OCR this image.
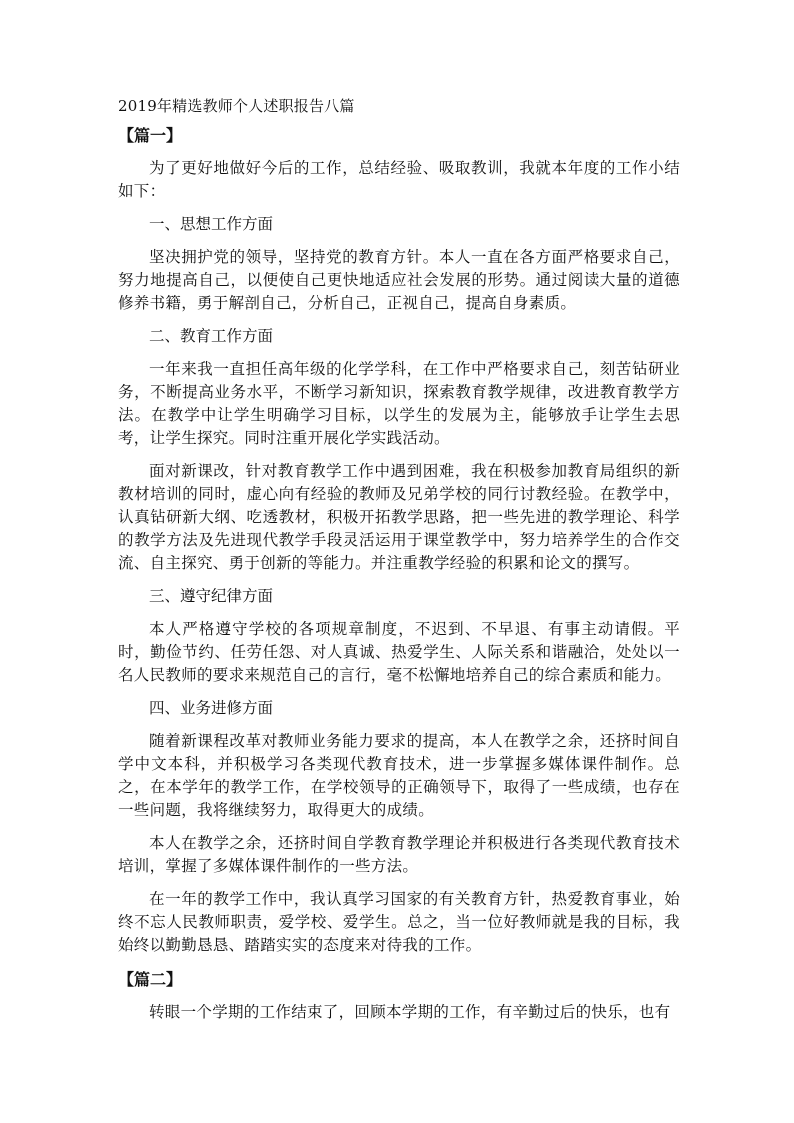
2019年精选教师个人述职报告八篇
【篇一】

为了更好地做好今后的工作，总结经验、吸取教训，我就本年度的工作小结如下：

一、思想工作方面

坚决拥护党的领导，坚持党的教育方针。本人一直在各方面严格要求自己，努力地提高自己，以便使自己更快地适应社会发展的形势。通过阅读大量的道德修养书籍，勇于解剖自己，分析自己，正视自己，提高自身素质。

二、教育工作方面

一年来我一直担任高年级的化学学科，在工作中严格要求自己，刻苦钻研业务，不断提高业务水平，不断学习新知识，探索教育教学规律，改进教育教学方法。在教学中让学生明确学习目标，以学生的发展为主，能够放手让学生去思考，让学生探究。同时注重开展化学实践活动。

面对新课改，针对教育教学工作中遇到困难，我在积极参加教育局组织的新教材培训的同时，虚心向有经验的教师及兄弟学校的同行讨教经验。在教学中，认真钻研新大纲、吃透教材，积极开拓教学思路，把一些先进的教学理论、科学的教学方法及先进现代教学手段灵活运用于课堂教学中，努力培养学生的合作交流、自主探究、勇于创新的等能力。并注重教学经验的积累和论文的撰写。

三、遵守纪律方面

本人严格遵守学校的各项规章制度，不迟到、不早退、有事主动请假。平时，勤俭节约、任劳任怨、对人真诚、热爱学生、人际关系和谐融洽，处处以一名人民教师的要求来规范自己的言行，毫不松懈地培养自己的综合素质和能力。

四、业务进修方面

随着新课程改革对教师业务能力要求的提高，本人在教学之余，还挤时间自学中文本科，并积极学习各类现代教育技术，进一步掌握多媒体课件制作。总之，在本学年的教学工作，在学校领导的正确领导下，取得了一些成绩，也存在一些问题，我将继续努力，取得更大的成绩。

本人在教学之余，还挤时间自学教育教学理论并积极进行各类现代教育技术培训，掌握了多媒体课件制作的一些方法。

在一年的教学工作中，我认真学习国家的有关教育方针，热爱教育事业，始终不忘人民教师职责，爱学校、爱学生。总之，当一位好教师就是我的目标，我始终以勤勤恳恳、踏踏实实的态度来对待我的工作。

【篇二】

转眼一个学期的工作结束了，回顾本学期的工作，有辛勤过后的快乐，也有
